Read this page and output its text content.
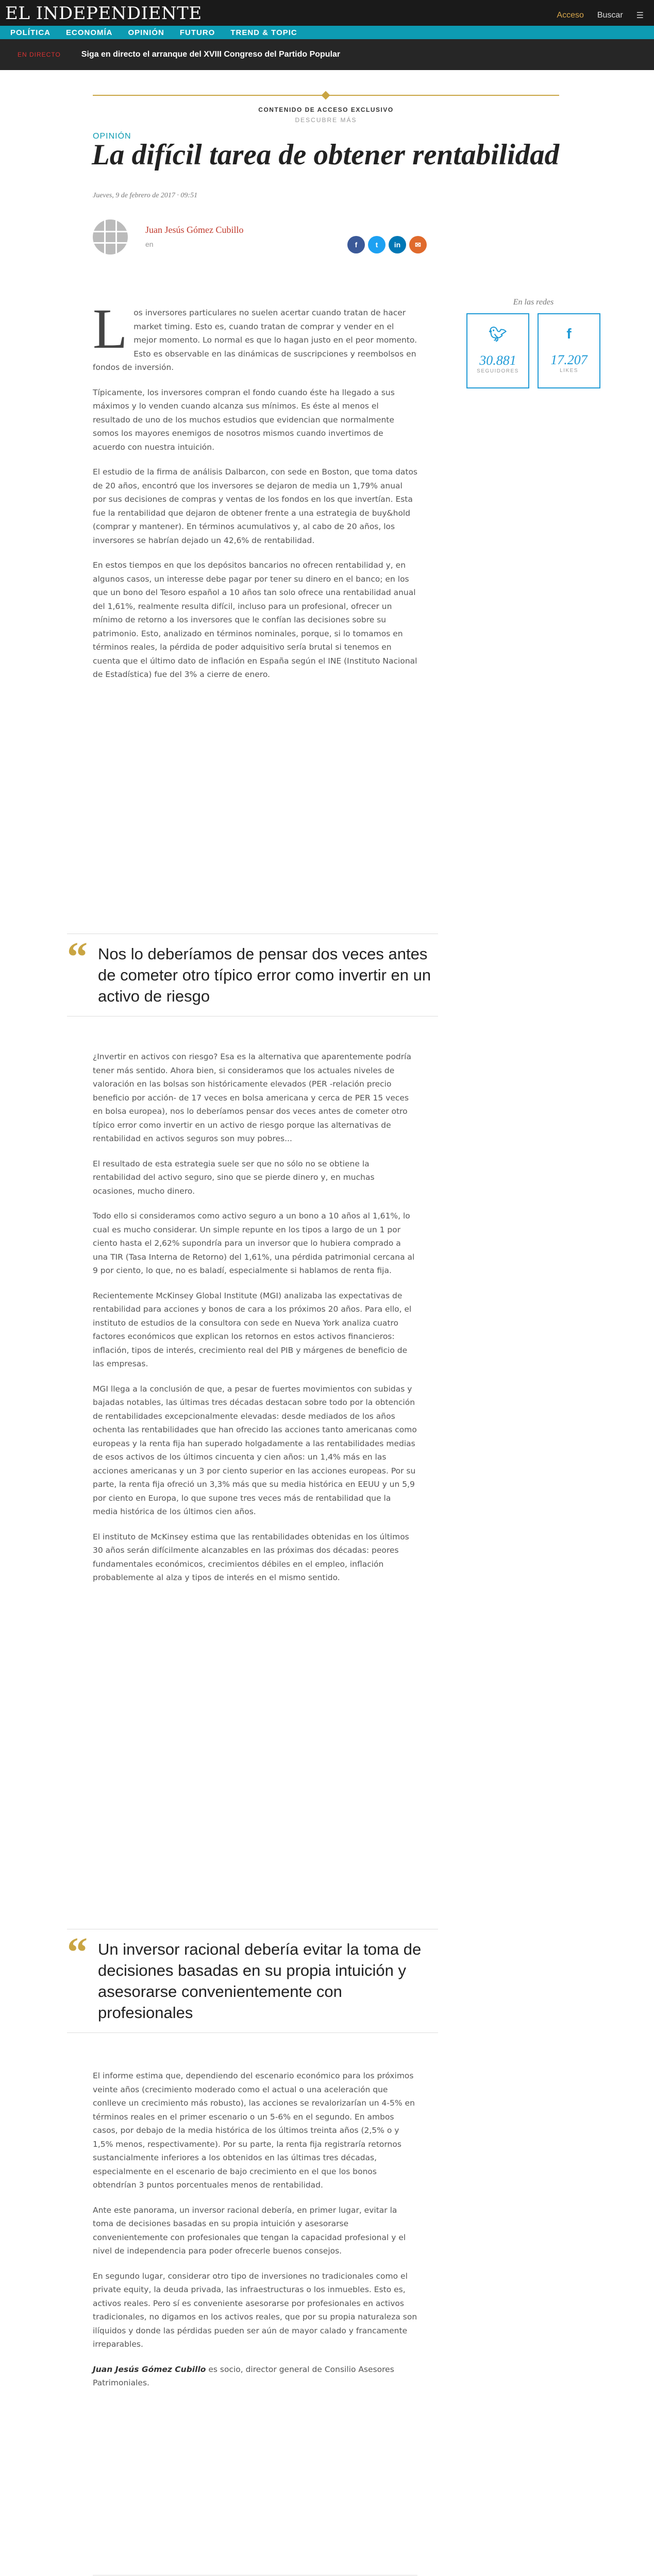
EL INDEPENDIENTE	Acceso Buscar ☰
POLÍTICA ECONOMÍA OPINIÓN FUTURO TREND & TOPIC
EN DIRECTO	Siga en directo el arranque del XVIII Congreso del Partido Popular
CONTENIDO DE ACCESO EXCLUSIVO
DESCUBRE MÁS
OPINIÓN
La difícil tarea de obtener rentabilidad
Jueves, 9 de febrero de 2017 · 09:51
Juan Jesús Gómez Cubillo
en	f	t	in	✉
En las redes
🐦︎
30.881
SEGUIDORES
f
17.207
LIKES

Los inversores particulares no suelen acertar cuando tratan de hacer market timing. Esto es, cuando tratan de comprar y vender en el mejor momento. Lo normal es que lo hagan justo en el peor momento. Esto es observable en las dinámicas de suscripciones y reembolsos en fondos de inversión.

Típicamente, los inversores compran el fondo cuando éste ha llegado a sus máximos y lo venden cuando alcanza sus mínimos. Es éste al menos el resultado de uno de los muchos estudios que evidencian que normalmente somos los mayores enemigos de nosotros mismos cuando invertimos de acuerdo con nuestra intuición.

El estudio de la firma de análisis Dalbarcon, con sede en Boston, que toma datos de 20 años, encontró que los inversores se dejaron de media un 1,79% anual por sus decisiones de compras y ventas de los fondos en los que invertían. Esta fue la rentabilidad que dejaron de obtener frente a una estrategia de buy&hold (comprar y mantener). En términos acumulativos y, al cabo de 20 años, los inversores se habrían dejado un 42,6% de rentabilidad.

En estos tiempos en que los depósitos bancarios no ofrecen rentabilidad y, en algunos casos, un interesse debe pagar por tener su dinero en el banco; en los que un bono del Tesoro español a 10 años tan solo ofrece una rentabilidad anual del 1,61%, realmente resulta difícil, incluso para un profesional, ofrecer un mínimo de retorno a los inversores que le confían las decisiones sobre su patrimonio. Esto, analizado en términos nominales, porque, si lo tomamos en términos reales, la pérdida de poder adquisitivo sería brutal si tenemos en cuenta que el último dato de inflación en España según el INE (Instituto Nacional de Estadística) fue del 3% a cierre de enero.

“ Nos lo deberíamos de pensar dos veces antes de cometer otro típico error como invertir en un activo de riesgo

¿Invertir en activos con riesgo? Esa es la alternativa que aparentemente podría tener más sentido. Ahora bien, si consideramos que los actuales niveles de valoración en las bolsas son históricamente elevados (PER -relación precio beneficio por acción- de 17 veces en bolsa americana y cerca de PER 15 veces en bolsa europea), nos lo deberíamos pensar dos veces antes de cometer otro típico error como invertir en un activo de riesgo porque las alternativas de rentabilidad en activos seguros son muy pobres...

El resultado de esta estrategia suele ser que no sólo no se obtiene la rentabilidad del activo seguro, sino que se pierde dinero y, en muchas ocasiones, mucho dinero.

Todo ello si consideramos como activo seguro a un bono a 10 años al 1,61%, lo cual es mucho considerar. Un simple repunte en los tipos a largo de un 1 por ciento hasta el 2,62% supondría para un inversor que lo hubiera comprado a una TIR (Tasa Interna de Retorno) del 1,61%, una pérdida patrimonial cercana al 9 por ciento, lo que, no es baladí, especialmente si hablamos de renta fija.

Recientemente McKinsey Global Institute (MGI) analizaba las expectativas de rentabilidad para acciones y bonos de cara a los próximos 20 años. Para ello, el instituto de estudios de la consultora con sede en Nueva York analiza cuatro factores económicos que explican los retornos en estos activos financieros: inflación, tipos de interés, crecimiento real del PIB y márgenes de beneficio de las empresas.

MGI llega a la conclusión de que, a pesar de fuertes movimientos con subidas y bajadas notables, las últimas tres décadas destacan sobre todo por la obtención de rentabilidades excepcionalmente elevadas: desde mediados de los años ochenta las rentabilidades que han ofrecido las acciones tanto americanas como europeas y la renta fija han superado holgadamente a las rentabilidades medias de esos activos de los últimos cincuenta y cien años: un 1,4% más en las acciones americanas y un 3 por ciento superior en las acciones europeas. Por su parte, la renta fija ofreció un 3,3% más que su media histórica en EEUU y un 5,9 por ciento en Europa, lo que supone tres veces más de rentabilidad que la media histórica de los últimos cien años.

El instituto de McKinsey estima que las rentabilidades obtenidas en los últimos 30 años serán difícilmente alcanzables en las próximas dos décadas: peores fundamentales económicos, crecimientos débiles en el empleo, inflación probablemente al alza y tipos de interés en el mismo sentido.

“ Un inversor racional debería evitar la toma de decisiones basadas en su propia intuición y asesorarse convenientemente con profesionales

El informe estima que, dependiendo del escenario económico para los próximos veinte años (crecimiento moderado como el actual o una aceleración que conlleve un crecimiento más robusto), las acciones se revalorizarían un 4-5% en términos reales en el primer escenario o un 5-6% en el segundo. En ambos casos, por debajo de la media histórica de los últimos treinta años (2,5% o y 1,5% menos, respectivamente). Por su parte, la renta fija registraría retornos sustancialmente inferiores a los obtenidos en las últimas tres décadas, especialmente en el escenario de bajo crecimiento en el que los bonos obtendrían 3 puntos porcentuales menos de rentabilidad.

Ante este panorama, un inversor racional debería, en primer lugar, evitar la toma de decisiones basadas en su propia intuición y asesorarse convenientemente con profesionales que tengan la capacidad profesional y el nivel de independencia para poder ofrecerle buenos consejos.

En segundo lugar, considerar otro tipo de inversiones no tradicionales como el private equity, la deuda privada, las infraestructuras o los inmuebles. Esto es, activos reales. Pero sí es conveniente asesorarse por profesionales en activos tradicionales, no digamos en los activos reales, que por su propia naturaleza son ilíquidos y donde las pérdidas pueden ser aún de mayor calado y francamente irreparables.

Juan Jesús Gómez Cubillo es socio, director general de Consilio Asesores Patrimoniales.
